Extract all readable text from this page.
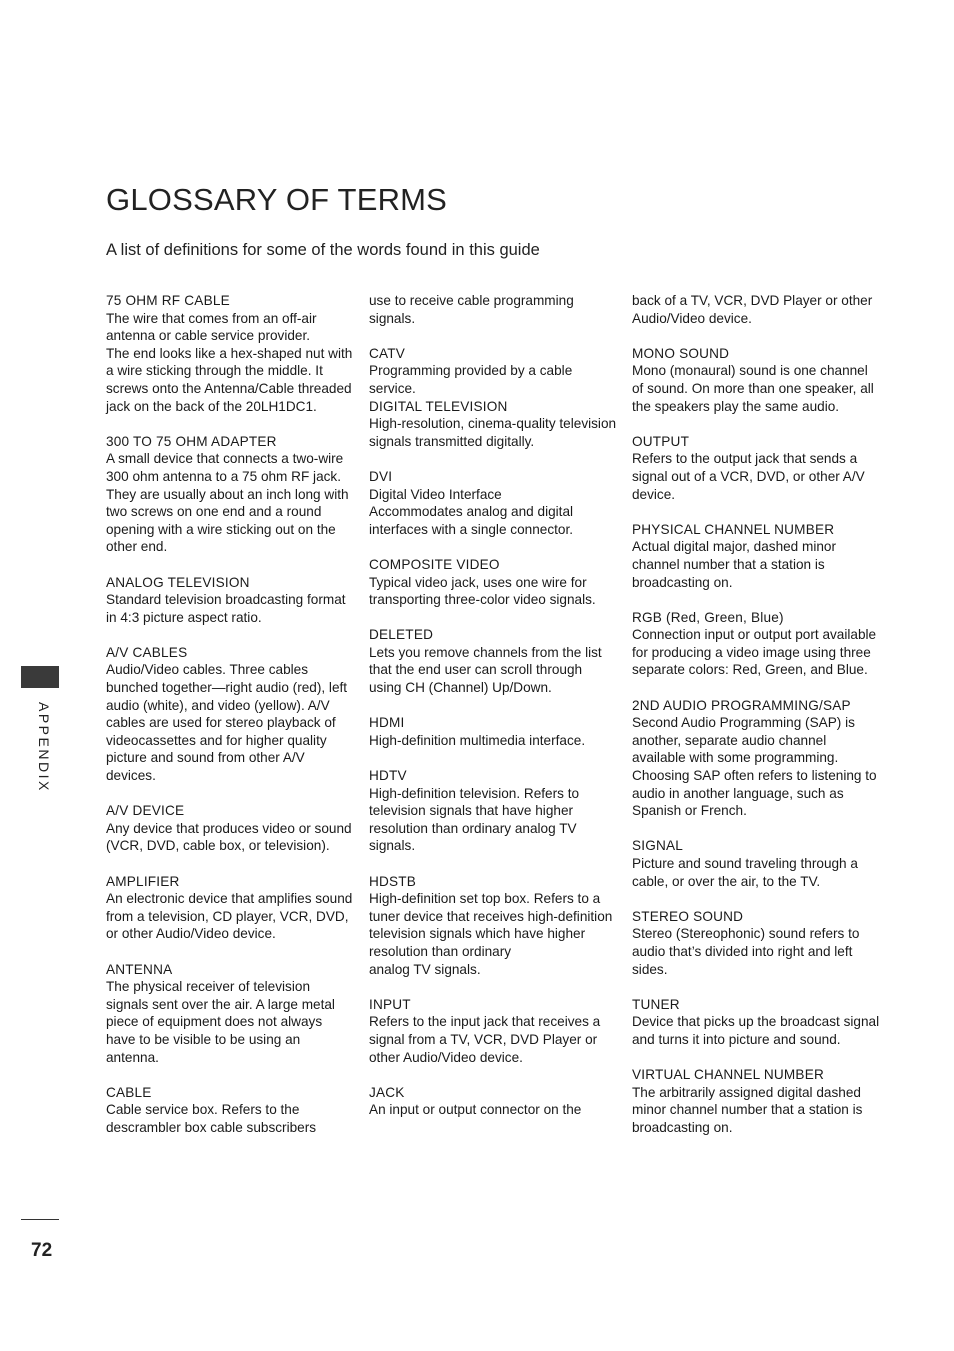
GLOSSARY OF TERMS

A list of definitions for some of the words found in this guide

APPENDIX
72
75 OHM RF CABLE
The wire that comes from an off-air antenna or cable service provider.
The end looks like a hex-shaped nut with a wire sticking through the middle. It screws onto the Antenna/Cable threaded jack on the back of the 20LH1DC1.
300 TO 75 OHM ADAPTER
A small device that connects a two-wire 300 ohm antenna to a 75 ohm RF jack.
They are usually about an inch long with two screws on one end and a round opening with a wire sticking out on the other end.
ANALOG TELEVISION
Standard television broadcasting format in 4:3 picture aspect ratio.
A/V CABLES
Audio/Video cables. Three cables bunched together—right audio (red), left audio (white), and video (yellow). A/V cables are used for stereo playback of videocassettes and for higher quality picture and sound from other A/V devices.
A/V DEVICE
Any device that produces video or sound (VCR, DVD, cable box, or television).
AMPLIFIER
An electronic device that amplifies sound from a television, CD player, VCR, DVD, or other Audio/Video device.
ANTENNA
The physical receiver of television signals sent over the air. A large metal piece of equipment does not always have to be visible to be using an antenna.
CABLE
Cable service box. Refers to the descrambler box cable subscribers
use to receive cable programming signals.
CATV
Programming provided by a cable service.
DIGITAL TELEVISION
High-resolution, cinema-quality television signals transmitted digitally.
DVI
Digital Video Interface
Accommodates analog and digital interfaces with a single connector.
COMPOSITE VIDEO
Typical video jack, uses one wire for transporting three-color video signals.
DELETED
Lets you remove channels from the list that the end user can scroll through using CH (Channel) Up/Down.
HDMI
High-definition multimedia interface.
HDTV
High-definition television. Refers to television signals that have higher resolution than ordinary analog TV signals.
HDSTB
High-definition set top box. Refers to a tuner device that receives high-definition television signals which have higher resolution than ordinary
analog TV signals.
INPUT
Refers to the input jack that receives a signal from a TV, VCR, DVD Player or other Audio/Video device.
JACK
An input or output connector on the
back of a TV, VCR, DVD Player or other Audio/Video device.
MONO SOUND
Mono (monaural) sound is one channel of sound. On more than one speaker, all the speakers play the same audio.
OUTPUT
Refers to the output jack that sends a signal out of a VCR, DVD, or other A/V device.
PHYSICAL CHANNEL NUMBER
Actual digital major, dashed minor channel number that a station is broadcasting on.
RGB (Red, Green, Blue)
Connection input or output port available for producing a video image using three separate colors: Red, Green, and Blue.
2ND AUDIO PROGRAMMING/SAP
Second Audio Programming (SAP) is another, separate audio channel available with some programming. Choosing SAP often refers to listening to audio in another language, such as Spanish or French.
SIGNAL
Picture and sound traveling through a cable, or over the air, to the TV.
STEREO SOUND
Stereo (Stereophonic) sound refers to audio that’s divided into right and left sides.
TUNER
Device that picks up the broadcast signal and turns it into picture and sound.
VIRTUAL CHANNEL NUMBER
The arbitrarily assigned digital dashed minor channel number that a station is broadcasting on.
